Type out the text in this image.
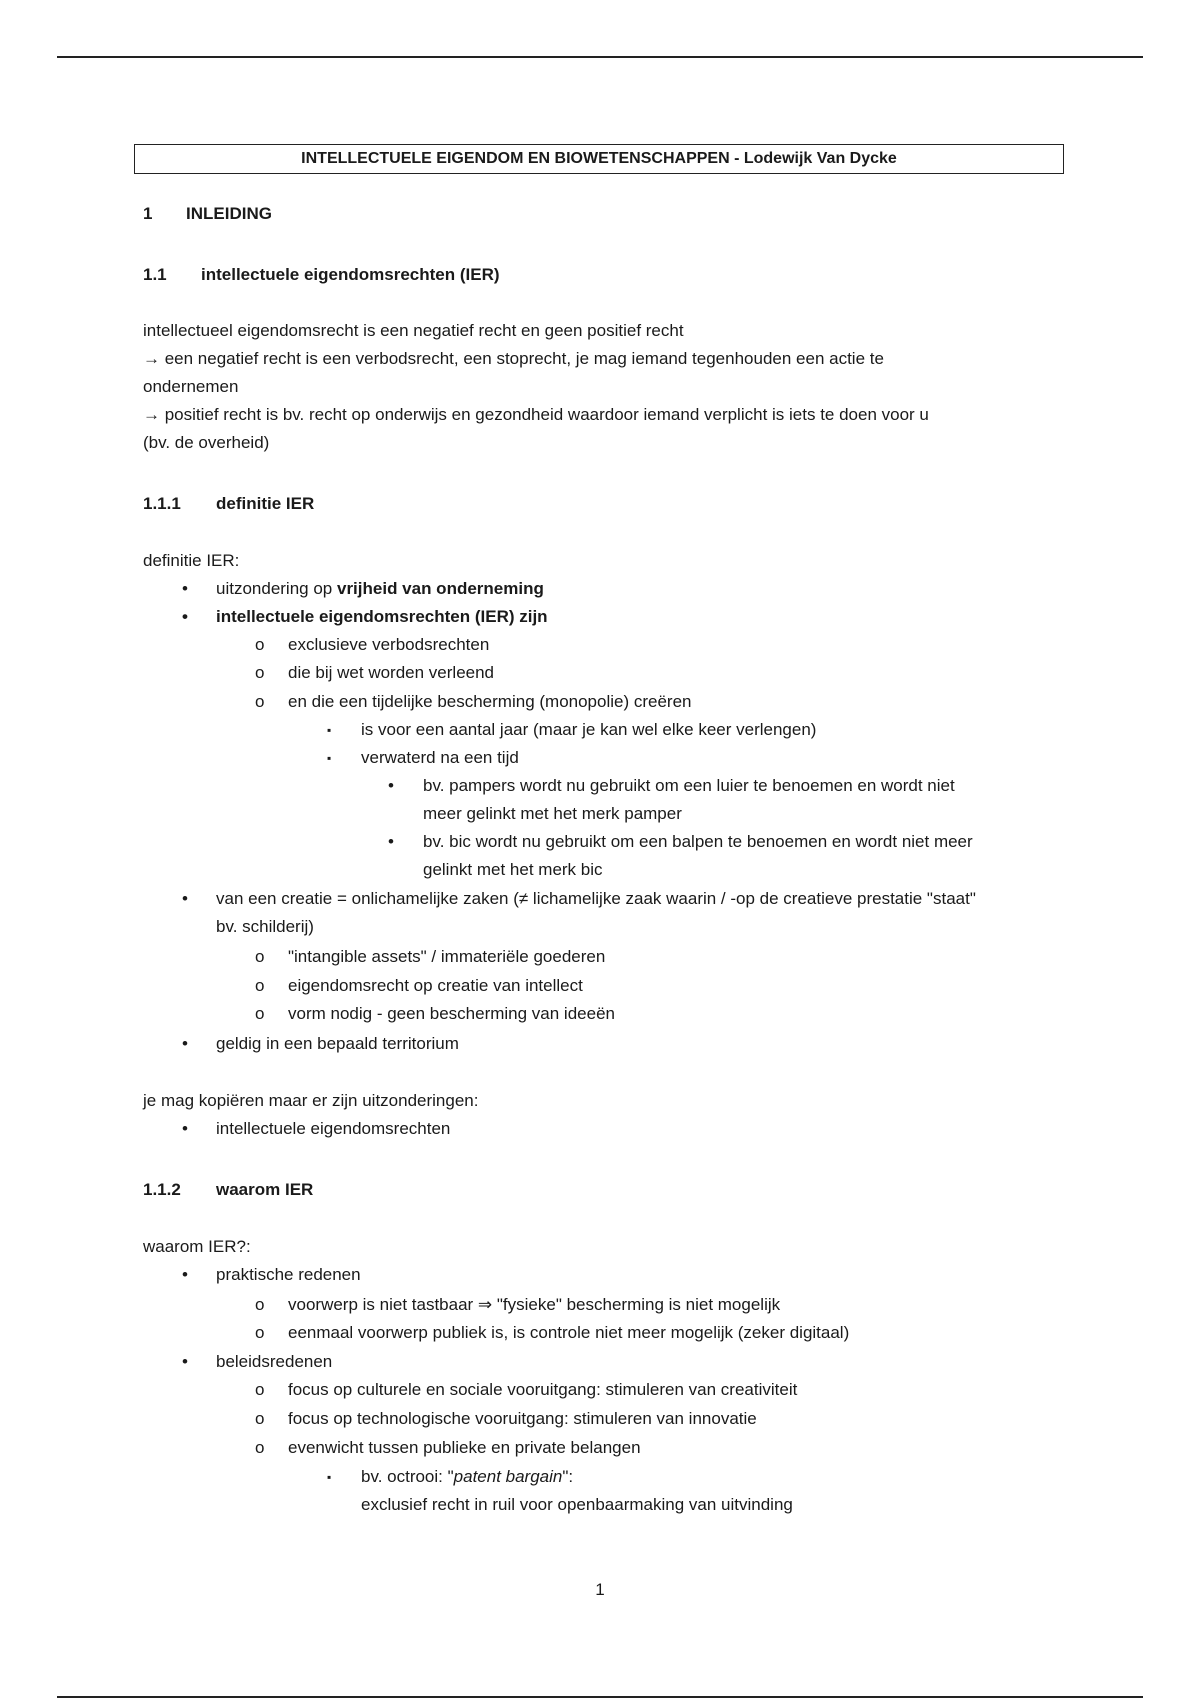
INTELLECTUELE EIGENDOM EN BIOWETENSCHAPPEN - Lodewijk Van Dycke
1 INLEIDING
1.1 intellectuele eigendomsrechten (IER)
intellectueel eigendomsrecht is een negatief recht en geen positief recht
→ een negatief recht is een verbodsrecht, een stoprecht, je mag iemand tegenhouden een actie te
ondernemen
→ positief recht is bv. recht op onderwijs en gezondheid waardoor iemand verplicht is iets te doen voor u
(bv. de overheid)
1.1.1 definitie IER
definitie IER:
• uitzondering op vrijheid van onderneming
• intellectuele eigendomsrechten (IER) zijn
o exclusieve verbodsrechten
o die bij wet worden verleend
o en die een tijdelijke bescherming (monopolie) creëren
▪ is voor een aantal jaar (maar je kan wel elke keer verlengen)
▪ verwaterd na een tijd
• bv. pampers wordt nu gebruikt om een luier te benoemen en wordt niet
meer gelinkt met het merk pamper
• bv. bic wordt nu gebruikt om een balpen te benoemen en wordt niet meer
gelinkt met het merk bic
• van een creatie = onlichamelijke zaken (≠ lichamelijke zaak waarin / -op de creatieve prestatie "staat"
bv. schilderij)
o "intangible assets" / immateriële goederen
o eigendomsrecht op creatie van intellect
o vorm nodig - geen bescherming van ideeën
• geldig in een bepaald territorium
je mag kopiëren maar er zijn uitzonderingen:
• intellectuele eigendomsrechten
1.1.2 waarom IER
waarom IER?:
• praktische redenen
o voorwerp is niet tastbaar ⇒ "fysieke" bescherming is niet mogelijk
o eenmaal voorwerp publiek is, is controle niet meer mogelijk (zeker digitaal)
• beleidsredenen
o focus op culturele en sociale vooruitgang: stimuleren van creativiteit
o focus op technologische vooruitgang: stimuleren van innovatie
o evenwicht tussen publieke en private belangen
▪ bv. octrooi: "patent bargain":
exclusief recht in ruil voor openbaarmaking van uitvinding
1
